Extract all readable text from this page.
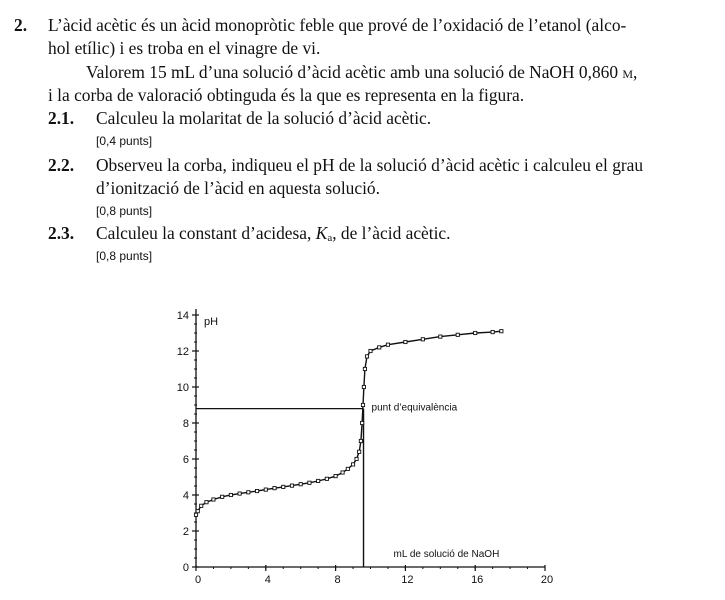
2. L’àcid acètic és un àcid monopròtic feble que prové de l’oxidació de l’etanol (alco-
hol etílic) i es troba en el vinagre de vi.
Valorem 15 mL d’una solució d’àcid acètic amb una solució de NaOH 0,860 m,
i la corba de valoració obtinguda és la que es representa en la figura.
2.1. Calculeu la molaritat de la solució d’àcid acètic.
[0,4 punts]
2.2. Observeu la corba, indiqueu el pH de la solució d’àcid acètic i calculeu el grau
d’ionització de l’àcid en aquesta solució.
[0,8 punts]
2.3. Calculeu la constant d’acidesa, $K_a$, de l’àcid acètic.
[0,8 punts]
0
2
4
6
8
10
12
14
0	4	8	12	16	20
pH
punt d’equivalència
mL de solució de NaOH
